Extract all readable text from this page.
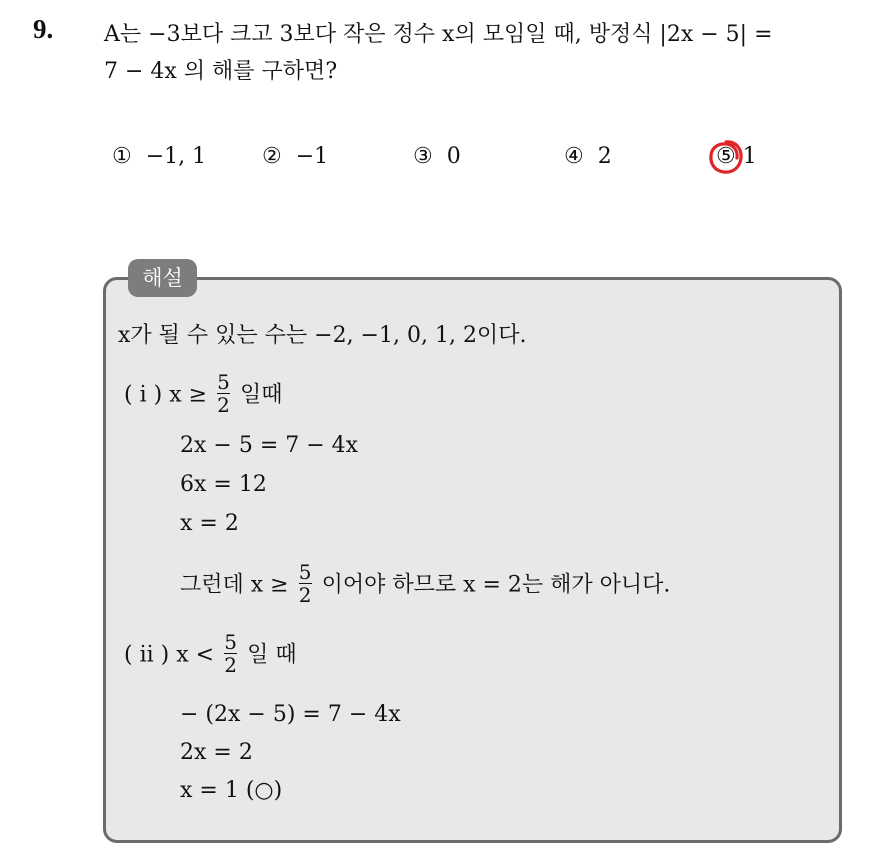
9. A는 −3보다 크고 3보다 작은 정수 x의 모임일 때, 방정식 |2x − 5| =
7 − 4x 의 해를 구하면?
① −1, 1	② −1	③ 0	④ 2	⑤ 1
해설
x가 될 수 있는 수는 −2, −1, 0, 1, 2이다.
( i ) $x \ge \frac{5}{2}$ 일때
2x − 5 = 7 − 4x
6x = 12
x = 2
그런데 $x \ge \frac{5}{2}$ 이어야 하므로 x = 2는 해가 아니다.
( ii ) $x < \frac{5}{2}$ 일 때
− (2x − 5) = 7 − 4x
2x = 2
x = 1 (○)
